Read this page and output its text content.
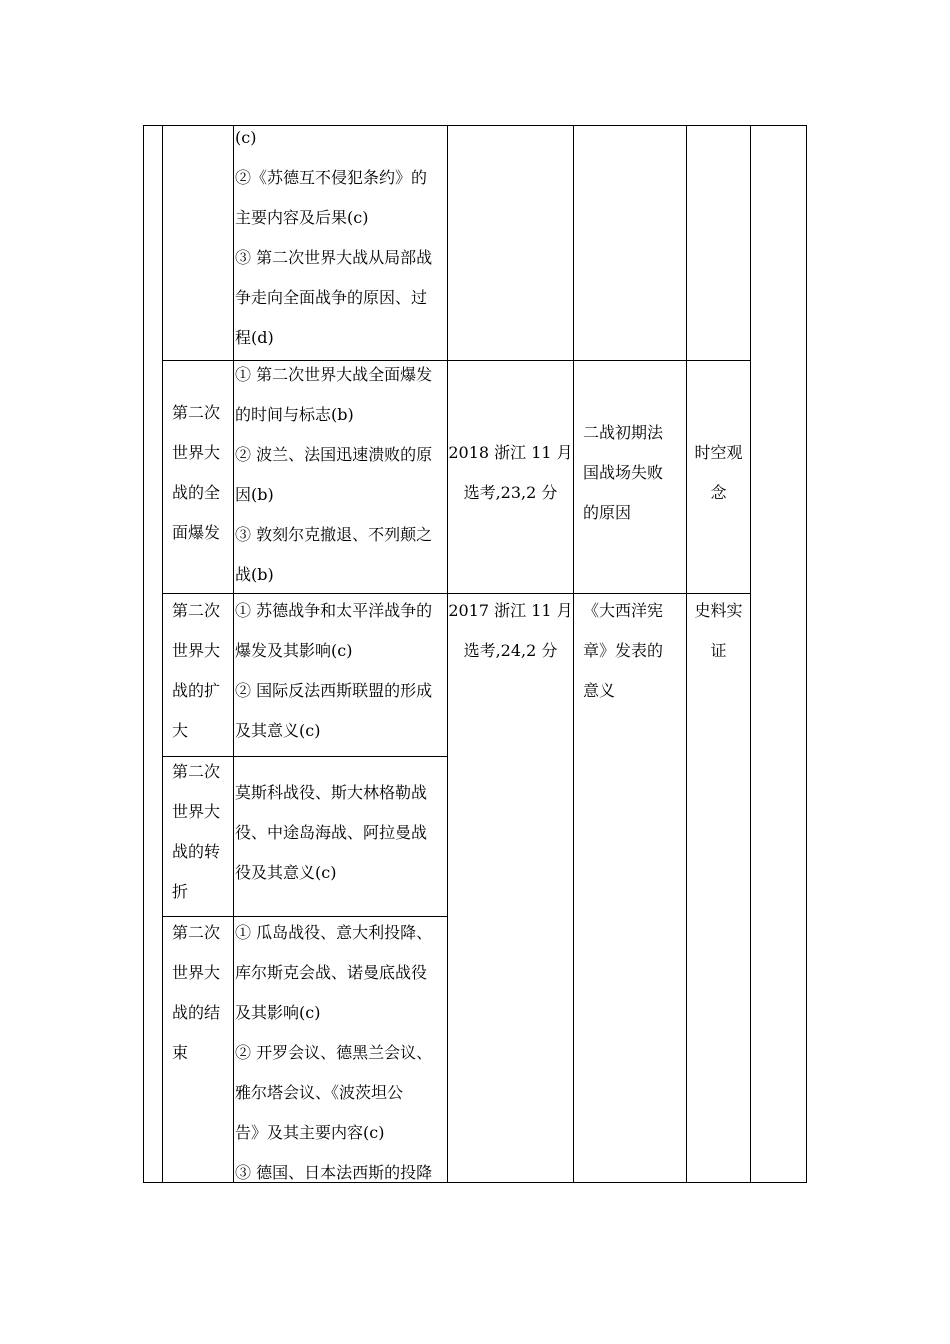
(c)
②《苏德互不侵犯条约》的
主要内容及后果(c)
③ 第二次世界大战从局部战
争走向全面战争的原因、过
程(d)
第二次
世界大
战的全
面爆发
① 第二次世界大战全面爆发
的时间与标志(b)
② 波兰、法国迅速溃败的原
因(b)
③ 敦刻尔克撤退、不列颠之
战(b)
2018 浙江 11 月
选考,23,2 分
二战初期法
国战场失败
的原因
时空观
念
第二次
世界大
战的扩
大
① 苏德战争和太平洋战争的
爆发及其影响(c)
② 国际反法西斯联盟的形成
及其意义(c)
2017 浙江 11 月
选考,24,2 分
《大西洋宪
章》发表的
意义
史料实
证
第二次
世界大
战的转
折
莫斯科战役、斯大林格勒战
役、中途岛海战、阿拉曼战
役及其意义(c)
第二次
世界大
战的结
束
① 瓜岛战役、意大利投降、
库尔斯克会战、诺曼底战役
及其影响(c)
② 开罗会议、德黑兰会议、
雅尔塔会议、《波茨坦公
告》及其主要内容(c)
③ 德国、日本法西斯的投降
